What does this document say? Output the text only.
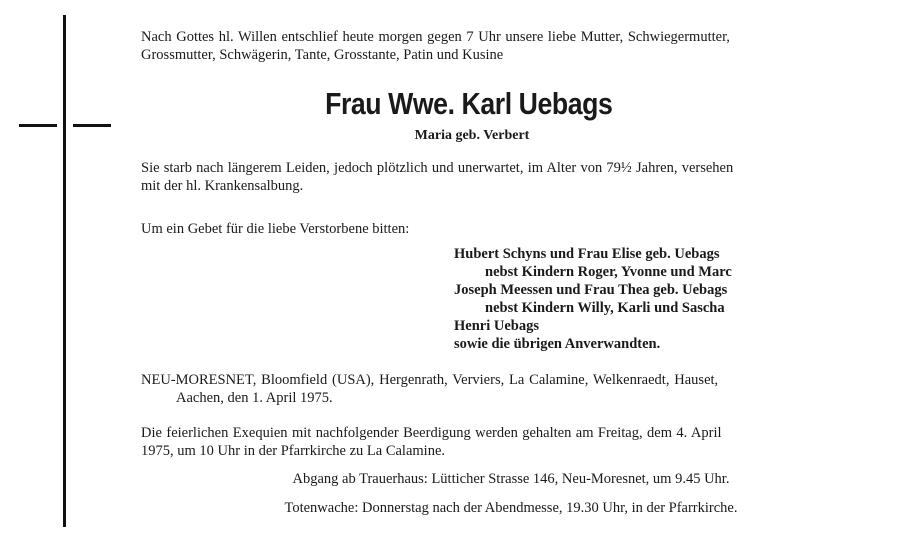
Nach Gottes hl. Willen entschlief heute morgen gegen 7 Uhr unsere liebe Mutter, Schwiegermutter,
Grossmutter, Schwägerin, Tante, Grosstante, Patin und Kusine
Frau Wwe. Karl Uebags
Maria geb. Verbert
Sie starb nach längerem Leiden, jedoch plötzlich und unerwartet, im Alter von 79½ Jahren, versehen
mit der hl. Krankensalbung.
Um ein Gebet für die liebe Verstorbene bitten:
Hubert Schyns und Frau Elise geb. Uebags
nebst Kindern Roger, Yvonne und Marc
Joseph Meessen und Frau Thea geb. Uebags
nebst Kindern Willy, Karli und Sascha
Henri Uebags
sowie die übrigen Anverwandten.
NEU-MORESNET, Bloomfield (USA), Hergenrath, Verviers, La Calamine, Welkenraedt, Hauset,
Aachen, den 1. April 1975.
Die feierlichen Exequien mit nachfolgender Beerdigung werden gehalten am Freitag, dem 4. April
1975, um 10 Uhr in der Pfarrkirche zu La Calamine.
Abgang ab Trauerhaus: Lütticher Strasse 146, Neu-Moresnet, um 9.45 Uhr.
Totenwache: Donnerstag nach der Abendmesse, 19.30 Uhr, in der Pfarrkirche.
